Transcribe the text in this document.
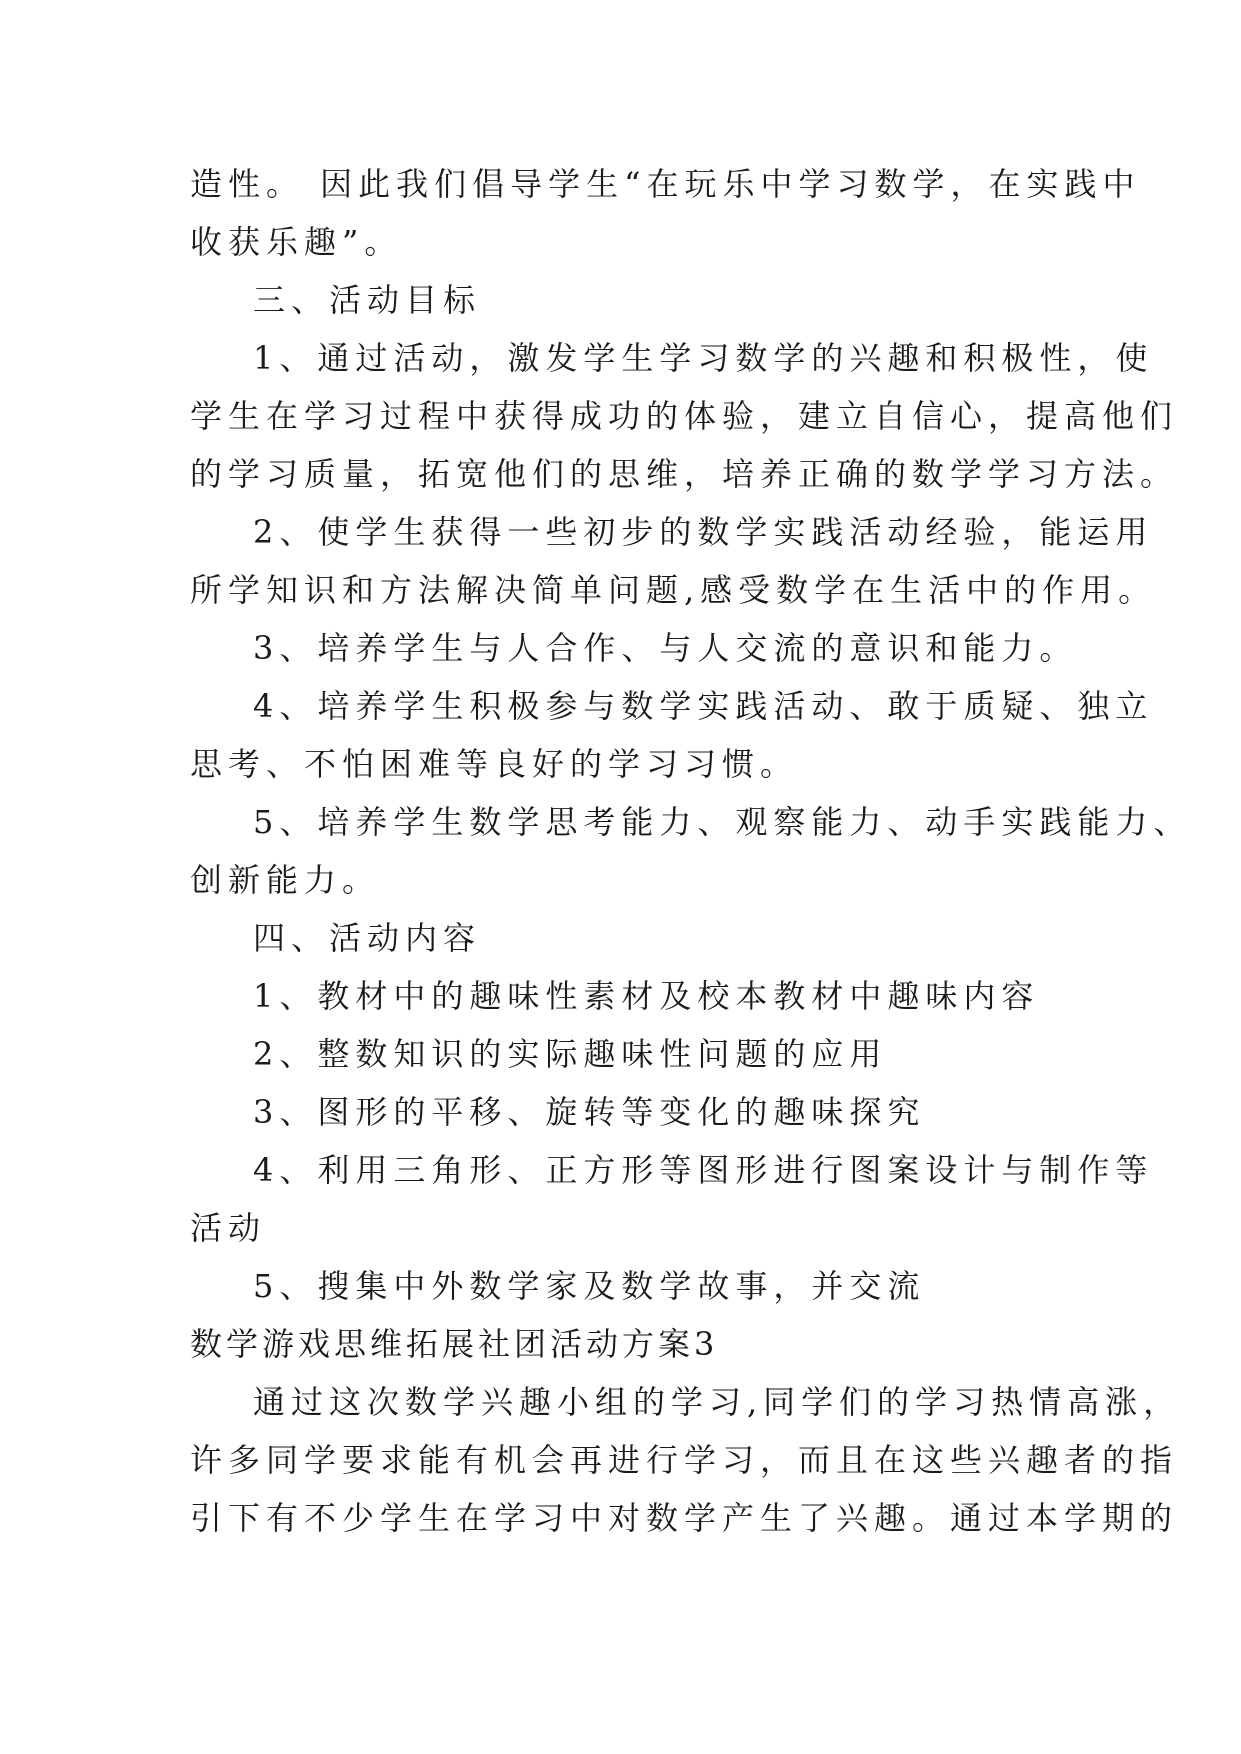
造性。 因此我们倡导学生“在玩乐中学习数学，在实践中

收获乐趣”。

三、活动目标

1、通过活动，激发学生学习数学的兴趣和积极性，使

学生在学习过程中获得成功的体验，建立自信心，提高他们

的学习质量，拓宽他们的思维，培养正确的数学学习方法。

2、使学生获得一些初步的数学实践活动经验，能运用

所学知识和方法解决简单问题,感受数学在生活中的作用。

3、培养学生与人合作、与人交流的意识和能力。

4、培养学生积极参与数学实践活动、敢于质疑、独立

思考、不怕困难等良好的学习习惯。

5、培养学生数学思考能力、观察能力、动手实践能力、

创新能力。

四、活动内容

1、教材中的趣味性素材及校本教材中趣味内容

2、整数知识的实际趣味性问题的应用

3、图形的平移、旋转等变化的趣味探究

4、利用三角形、正方形等图形进行图案设计与制作等

活动

5、搜集中外数学家及数学故事，并交流

数学游戏思维拓展社团活动方案3

通过这次数学兴趣小组的学习,同学们的学习热情高涨，

许多同学要求能有机会再进行学习，而且在这些兴趣者的指

引下有不少学生在学习中对数学产生了兴趣。通过本学期的
